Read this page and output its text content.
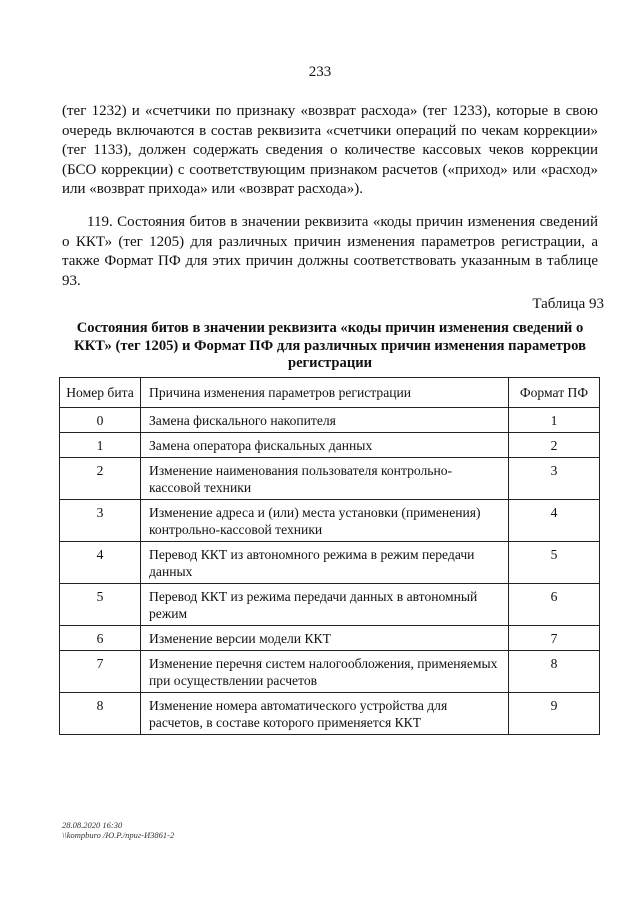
233
(тег 1232) и «счетчики по признаку «возврат расхода» (тег 1233), которые в свою очередь включаются в состав реквизита «счетчики операций по чекам коррекции» (тег 1133), должен содержать сведения о количестве кассовых чеков коррекции (БСО коррекции) с соответствующим признаком расчетов («приход» или «расход» или «возврат прихода» или «возврат расхода»).
119. Состояния битов в значении реквизита «коды причин изменения сведений о ККТ» (тег 1205) для различных причин изменения параметров регистрации, а также Формат ПФ для этих причин должны соответствовать указанным в таблице 93.
Таблица 93
Состояния битов в значении реквизита «коды причин изменения сведений о ККТ» (тег 1205) и Формат ПФ для различных причин изменения параметров регистрации
Номер бита	Причина изменения параметров регистрации	Формат ПФ
0	Замена фискального накопителя	1
1	Замена оператора фискальных данных	2
2	Изменение наименования пользователя контрольно-кассовой техники	3
3	Изменение адреса и (или) места установки (применения) контрольно-кассовой техники	4
4	Перевод ККТ из автономного режима в режим передачи данных	5
5	Перевод ККТ из режима передачи данных в автономный режим	6
6	Изменение версии модели ККТ	7
7	Изменение перечня систем налогообложения, применяемых при осуществлении расчетов	8
8	Изменение номера автоматического устройства для расчетов, в составе которого применяется ККТ	9
28.08.2020 16:30
\\kompburo /Ю.Р./приг-И3861-2
